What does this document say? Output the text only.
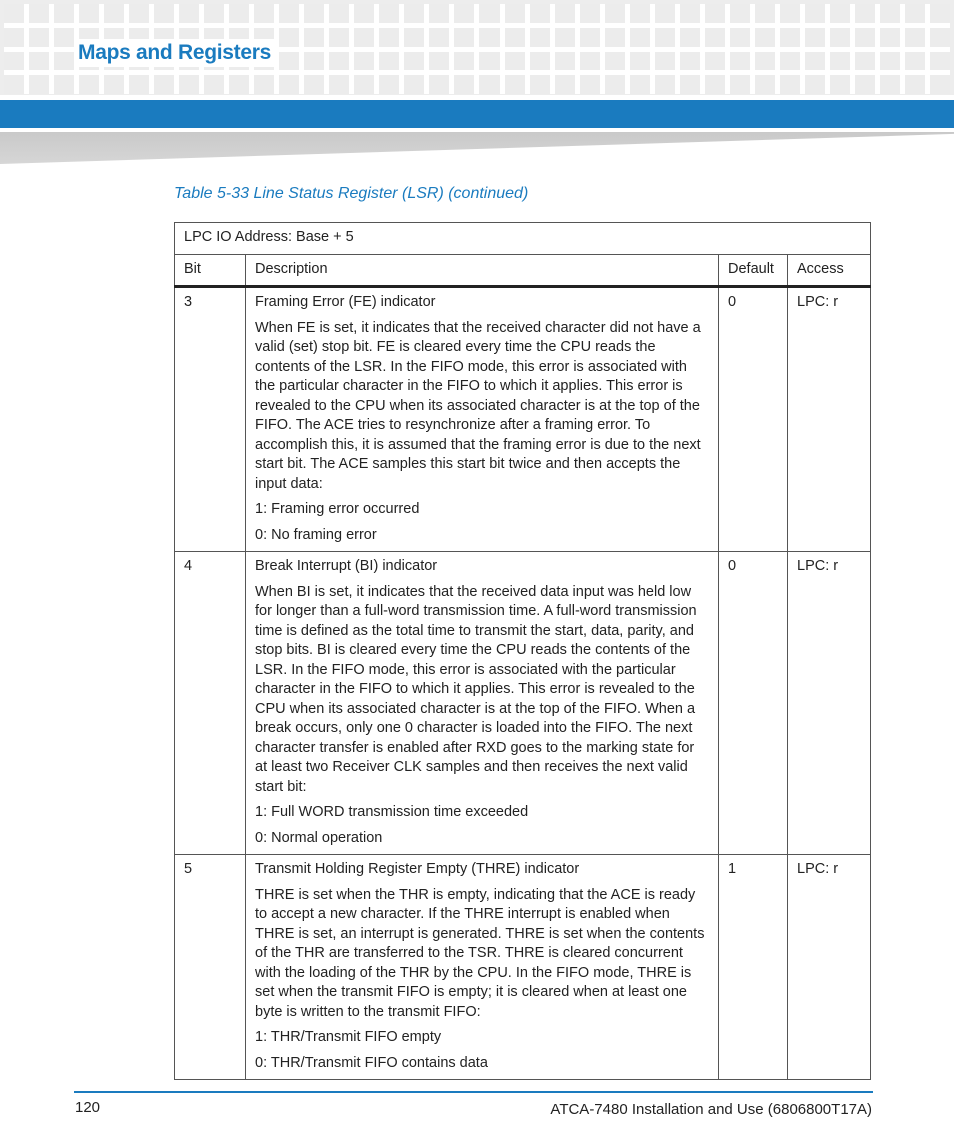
Maps and Registers
Table 5-33 Line Status Register (LSR) (continued)
LPC IO Address: Base + 5			
Bit	Description	Default	Access
3	Framing Error (FE) indicator

When FE is set, it indicates that the received character did not have a valid (set) stop bit. FE is cleared every time the CPU reads the contents of the LSR. In the FIFO mode, this error is associated with the particular character in the FIFO to which it applies. This error is revealed to the CPU when its associated character is at the top of the FIFO. The ACE tries to resynchronize after a framing error. To accomplish this, it is assumed that the framing error is due to the next start bit. The ACE samples this start bit twice and then accepts the input data:

1: Framing error occurred

0: No framing error	0	LPC: r
4	Break Interrupt (BI) indicator

When BI is set, it indicates that the received data input was held low for longer than a full-word transmission time. A full-word transmission time is defined as the total time to transmit the start, data, parity, and stop bits. BI is cleared every time the CPU reads the contents of the LSR. In the FIFO mode, this error is associated with the particular character in the FIFO to which it applies. This error is revealed to the CPU when its associated character is at the top of the FIFO. When a break occurs, only one 0 character is loaded into the FIFO. The next character transfer is enabled after RXD goes to the marking state for at least two Receiver CLK samples and then receives the next valid start bit:

1: Full WORD transmission time exceeded

0: Normal operation	0	LPC: r
5	Transmit Holding Register Empty (THRE) indicator

THRE is set when the THR is empty, indicating that the ACE is ready to accept a new character. If the THRE interrupt is enabled when THRE is set, an interrupt is generated. THRE is set when the contents of the THR are transferred to the TSR. THRE is cleared concurrent with the loading of the THR by the CPU. In the FIFO mode, THRE is set when the transmit FIFO is empty; it is cleared when at least one byte is written to the transmit FIFO:

1: THR/Transmit FIFO empty

0: THR/Transmit FIFO contains data	1	LPC: r
120	ATCA-7480 Installation and Use (6806800T17A)
